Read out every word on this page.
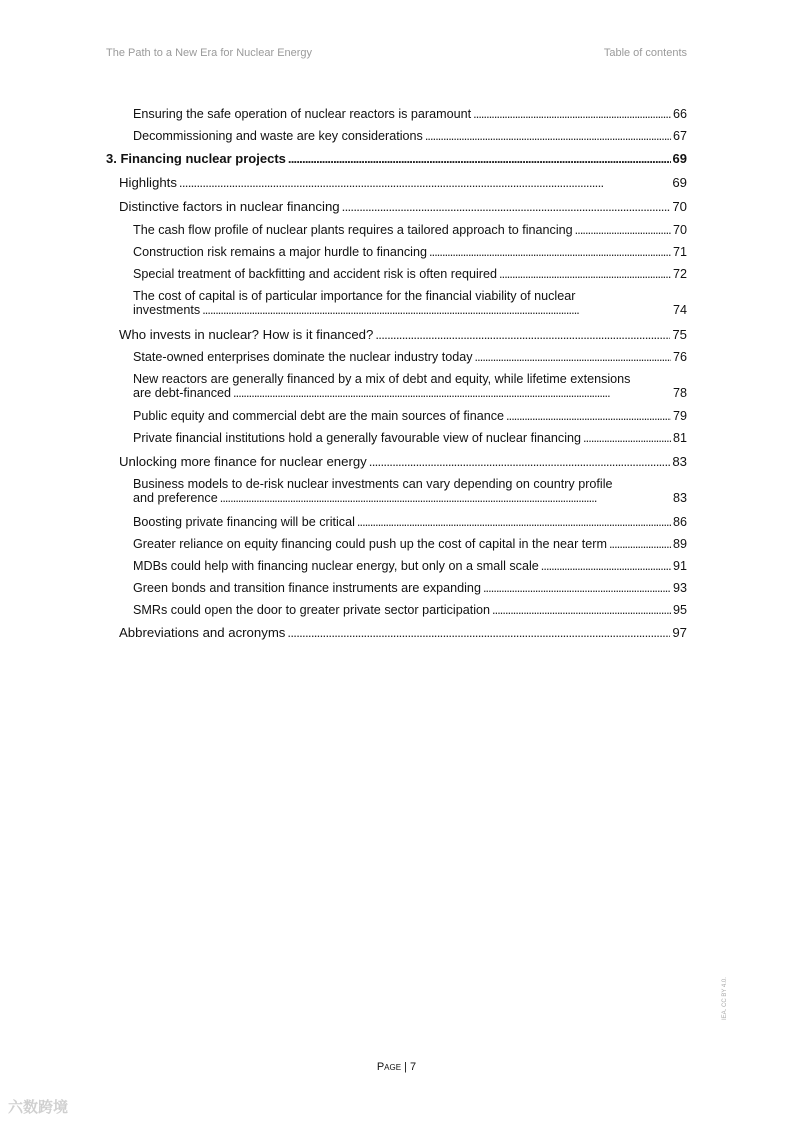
The Path to a New Era for Nuclear Energy	Table of contents
Ensuring the safe operation of nuclear reactors is paramount . . .	66
Decommissioning and waste are key considerations . . .	67
3. Financing nuclear projects . . .	69
Highlights . . .	69
Distinctive factors in nuclear financing . . .	70
The cash flow profile of nuclear plants requires a tailored approach to financing . . .	70
Construction risk remains a major hurdle to financing . . .	71
Special treatment of backfitting and accident risk is often required . . .	72
The cost of capital is of particular importance for the financial viability of nuclear
investments . . .	74
Who invests in nuclear? How is it financed? . . .	75
State-owned enterprises dominate the nuclear industry today . . .	76
New reactors are generally financed by a mix of debt and equity, while lifetime extensions
are debt-financed . . .	78
Public equity and commercial debt are the main sources of finance . . .	79
Private financial institutions hold a generally favourable view of nuclear financing . . .	81
Unlocking more finance for nuclear energy . . .	83
Business models to de-risk nuclear investments can vary depending on country profile
and preference . . .	83
Boosting private financing will be critical . . .	86
Greater reliance on equity financing could push up the cost of capital in the near term . . .	89
MDBs could help with financing nuclear energy, but only on a small scale . . .	91
Green bonds and transition finance instruments are expanding . . .	93
SMRs could open the door to greater private sector participation . . .	95
Abbreviations and acronyms . . .	97
Page | 7
IEA. CC BY 4.0.
六数跨境
